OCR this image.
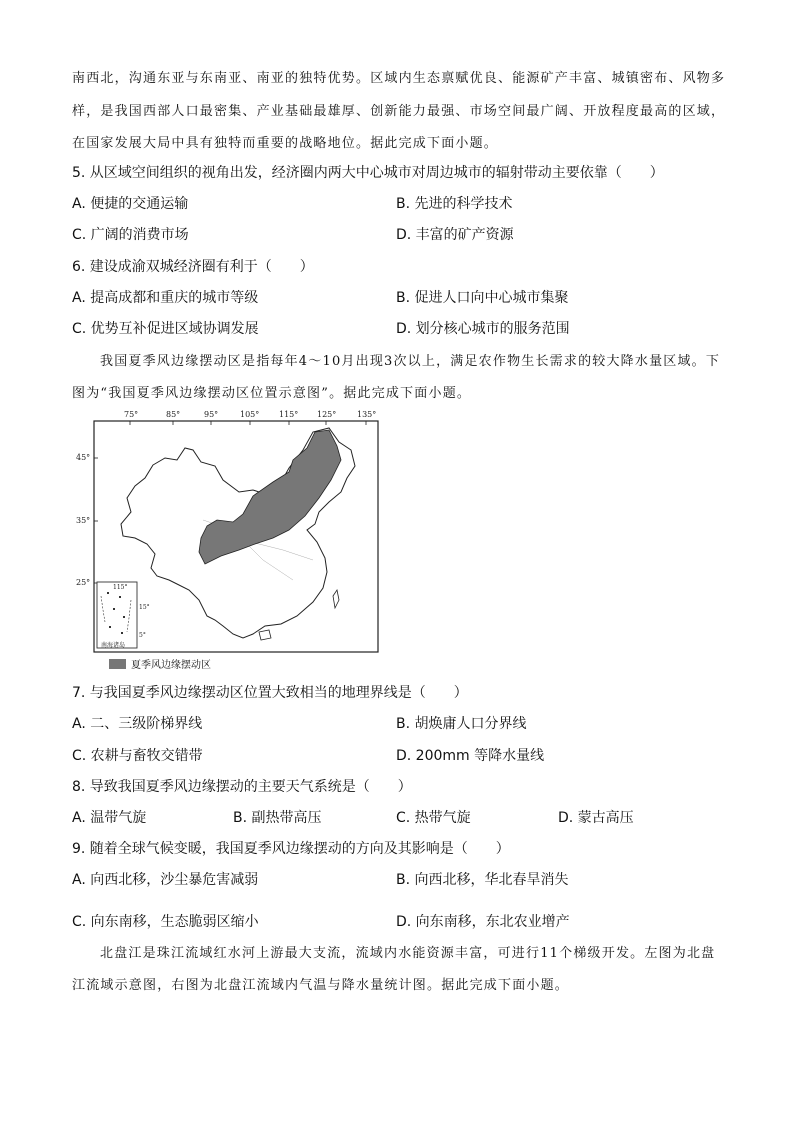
南西北，沟通东亚与东南亚、南亚的独特优势。区域内生态禀赋优良、能源矿产丰富、城镇密布、风物多
样，是我国西部人口最密集、产业基础最雄厚、创新能力最强、市场空间最广阔、开放程度最高的区域，
在国家发展大局中具有独特而重要的战略地位。据此完成下面小题。
5. 从区域空间组织的视角出发，经济圈内两大中心城市对周边城市的辐射带动主要依靠（　　）
A. 便捷的交通运输	B. 先进的科学技术
C. 广阔的消费市场	D. 丰富的矿产资源
6. 建设成渝双城经济圈有利于（　　）
A. 提高成都和重庆的城市等级	B. 促进人口向中心城市集聚
C. 优势互补促进区域协调发展	D. 划分核心城市的服务范围
我国夏季风边缘摆动区是指每年4～10月出现3次以上，满足农作物生长需求的较大降水量区域。下
图为“我国夏季风边缘摆动区位置示意图”。据此完成下面小题。
75°	85°	95°	105° 115° 125°	135°
45°
35°
25°
115°
15°
5°
南海诸岛
夏季风边缘摆动区
7. 与我国夏季风边缘摆动区位置大致相当的地理界线是（　　）
A. 二、三级阶梯界线	B. 胡焕庸人口分界线
C. 农耕与畜牧交错带	D. 200mm 等降水量线
8. 导致我国夏季风边缘摆动的主要天气系统是（　　）
A. 温带气旋	B. 副热带高压	C. 热带气旋	D. 蒙古高压
9. 随着全球气候变暖，我国夏季风边缘摆动的方向及其影响是（　　）
A. 向西北移，沙尘暴危害减弱	B. 向西北移，华北春旱消失
C. 向东南移，生态脆弱区缩小	D. 向东南移，东北农业增产
北盘江是珠江流域红水河上游最大支流，流域内水能资源丰富，可进行11个梯级开发。左图为北盘
江流域示意图，右图为北盘江流域内气温与降水量统计图。据此完成下面小题。
